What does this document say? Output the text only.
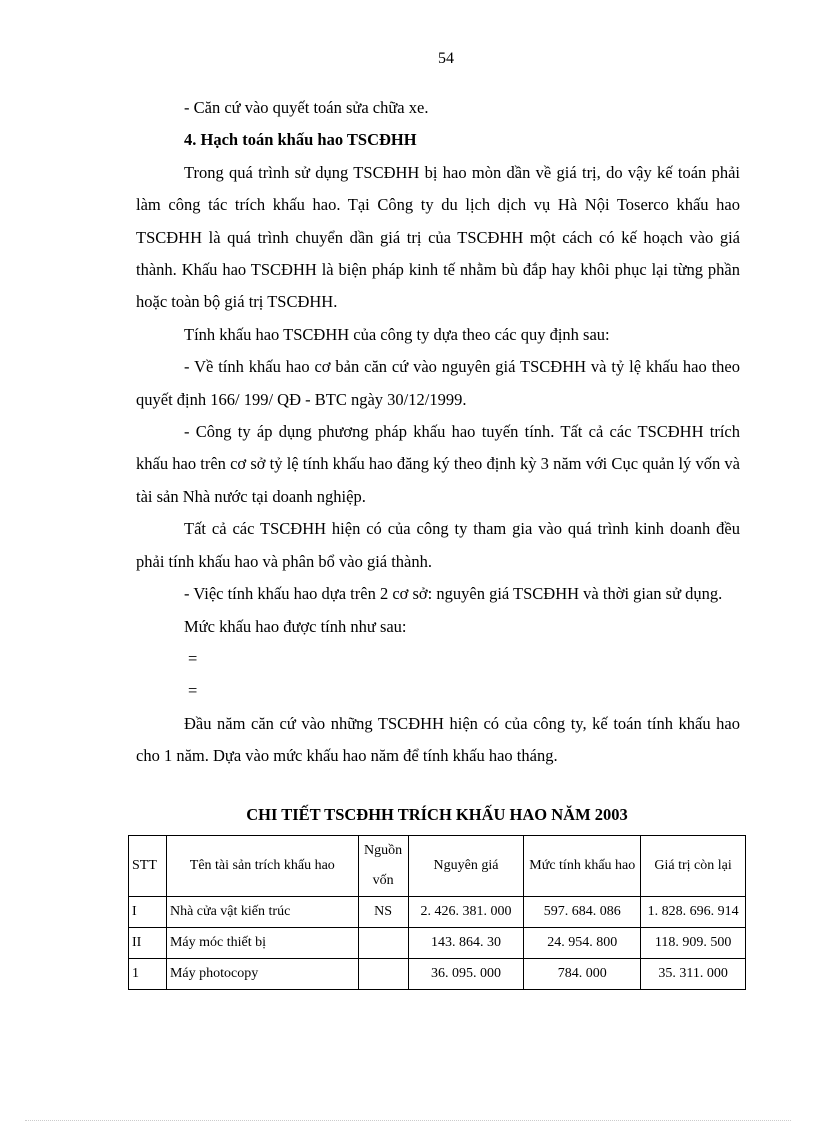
54

- Căn cứ vào quyết toán sửa chữa xe.

4. Hạch toán khấu hao TSCĐHH

Trong quá trình sử dụng TSCĐHH bị hao mòn dần về giá trị, do vậy kế toán phải làm công tác trích khấu hao. Tại Công ty du lịch dịch vụ Hà Nội Toserco khấu hao TSCĐHH là quá trình chuyển dần giá trị của TSCĐHH một cách có kế hoạch vào giá thành. Khấu hao TSCĐHH là biện pháp kinh tế nhằm bù đắp hay khôi phục lại từng phần hoặc toàn bộ giá trị TSCĐHH.

Tính khấu hao TSCĐHH của công ty dựa theo các quy định sau:

- Về tính khấu hao cơ bản căn cứ vào nguyên giá TSCĐHH và tỷ lệ khấu hao theo quyết định 166/ 199/ QĐ - BTC ngày 30/12/1999.

- Công ty áp dụng phương pháp khấu hao tuyến tính. Tất cả các TSCĐHH trích khấu hao trên cơ sở tỷ lệ tính khấu hao đăng ký theo định kỳ 3 năm với Cục quản lý vốn và tài sản Nhà nước tại doanh nghiệp.

Tất cả các TSCĐHH hiện có của công ty tham gia vào quá trình kinh doanh đều phải tính khấu hao và phân bổ vào giá thành.

- Việc tính khấu hao dựa trên 2 cơ sở: nguyên giá TSCĐHH và thời gian sử dụng.

Mức khấu hao được tính như sau:

=

=

Đầu năm căn cứ vào những TSCĐHH hiện có của công ty, kế toán tính khấu hao cho 1 năm. Dựa vào mức khấu hao năm để tính khấu hao tháng.

CHI TIẾT TSCĐHH TRÍCH KHẤU HAO NĂM 2003
STT	Tên tài sản trích khấu hao	Nguồn vốn	Nguyên giá	Mức tính khấu hao	Giá trị còn lại
I	Nhà cửa vật kiến trúc	NS	2. 426. 381. 000	597. 684. 086	1. 828. 696. 914
II	Máy móc thiết bị		143. 864. 30	24. 954. 800	118. 909. 500
1	Máy photocopy		36. 095. 000	784. 000	35. 311. 000
